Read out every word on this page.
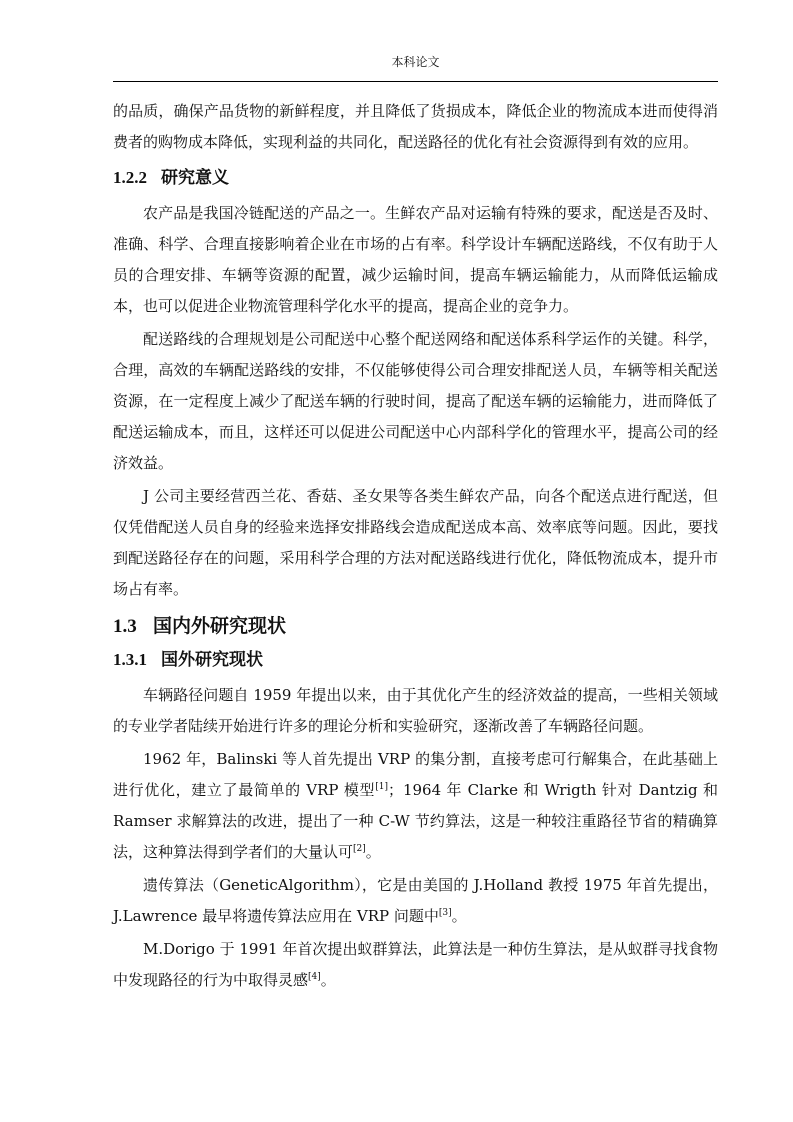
本科论文

的品质，确保产品货物的新鲜程度，并且降低了货损成本，降低企业的物流成本进而使得消费者的购物成本降低，实现利益的共同化，配送路径的优化有社会资源得到有效的应用。

1.2.2 研究意义

农产品是我国冷链配送的产品之一。生鲜农产品对运输有特殊的要求，配送是否及时、准确、科学、合理直接影响着企业在市场的占有率。科学设计车辆配送路线，不仅有助于人员的合理安排、车辆等资源的配置，减少运输时间，提高车辆运输能力，从而降低运输成本，也可以促进企业物流管理科学化水平的提高，提高企业的竞争力。

配送路线的合理规划是公司配送中心整个配送网络和配送体系科学运作的关键。科学，合理，高效的车辆配送路线的安排，不仅能够使得公司合理安排配送人员，车辆等相关配送资源，在一定程度上减少了配送车辆的行驶时间，提高了配送车辆的运输能力，进而降低了配送运输成本，而且，这样还可以促进公司配送中心内部科学化的管理水平，提高公司的经济效益。

J 公司主要经营西兰花、香菇、圣女果等各类生鲜农产品，向各个配送点进行配送，但仅凭借配送人员自身的经验来选择安排路线会造成配送成本高、效率底等问题。因此，要找到配送路径存在的问题，采用科学合理的方法对配送路线进行优化，降低物流成本，提升市场占有率。

1.3 国内外研究现状
1.3.1 国外研究现状

车辆路径问题自 1959 年提出以来，由于其优化产生的经济效益的提高，一些相关领域的专业学者陆续开始进行许多的理论分析和实验研究，逐渐改善了车辆路径问题。

1962 年，Balinski 等人首先提出 VRP 的集分割，直接考虑可行解集合，在此基础上进行优化，建立了最简单的 VRP 模型[1]；1964 年 Clarke 和 Wrigth 针对 Dantzig 和 Ramser 求解算法的改进，提出了一种 C-W 节约算法，这是一种较注重路径节省的精确算法，这种算法得到学者们的大量认可[2]。

遗传算法（GeneticAlgorithm），它是由美国的 J.Holland 教授 1975 年首先提出，J.Lawrence 最早将遗传算法应用在 VRP 问题中[3]。

M.Dorigo 于 1991 年首次提出蚁群算法，此算法是一种仿生算法，是从蚁群寻找食物中发现路径的行为中取得灵感[4]。
